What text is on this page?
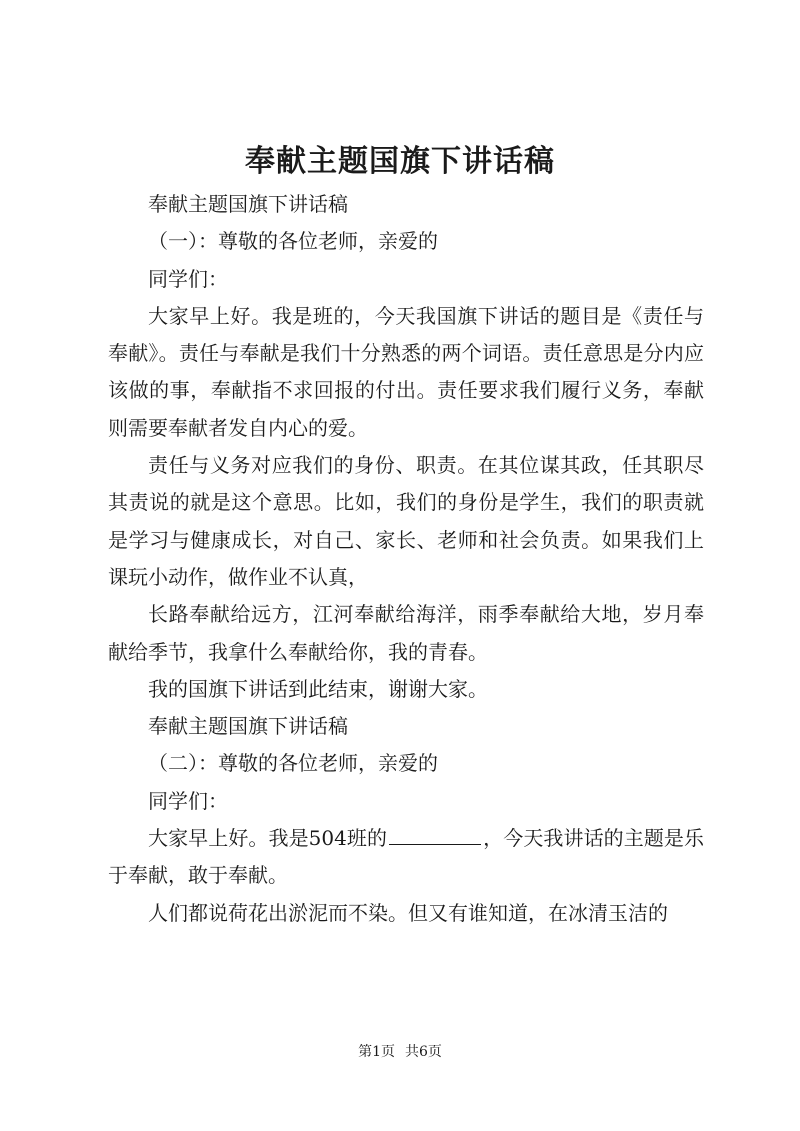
奉献主题国旗下讲话稿

奉献主题国旗下讲话稿

（一）：尊敬的各位老师，亲爱的

同学们：

大家早上好。我是班的，今天我国旗下讲话的题目是《责任与奉献》。责任与奉献是我们十分熟悉的两个词语。责任意思是分内应该做的事，奉献指不求回报的付出。责任要求我们履行义务，奉献则需要奉献者发自内心的爱。

责任与义务对应我们的身份、职责。在其位谋其政，任其职尽其责说的就是这个意思。比如，我们的身份是学生，我们的职责就是学习与健康成长，对自己、家长、老师和社会负责。如果我们上课玩小动作，做作业不认真，

长路奉献给远方，江河奉献给海洋，雨季奉献给大地，岁月奉献给季节，我拿什么奉献给你，我的青春。

我的国旗下讲话到此结束，谢谢大家。

奉献主题国旗下讲话稿

（二）：尊敬的各位老师，亲爱的

同学们：

大家早上好。我是504班的	，今天我讲话的主题是乐于奉献，敢于奉献。

人们都说荷花出淤泥而不染。但又有谁知道，在冰清玉洁的

第1页 共6页
